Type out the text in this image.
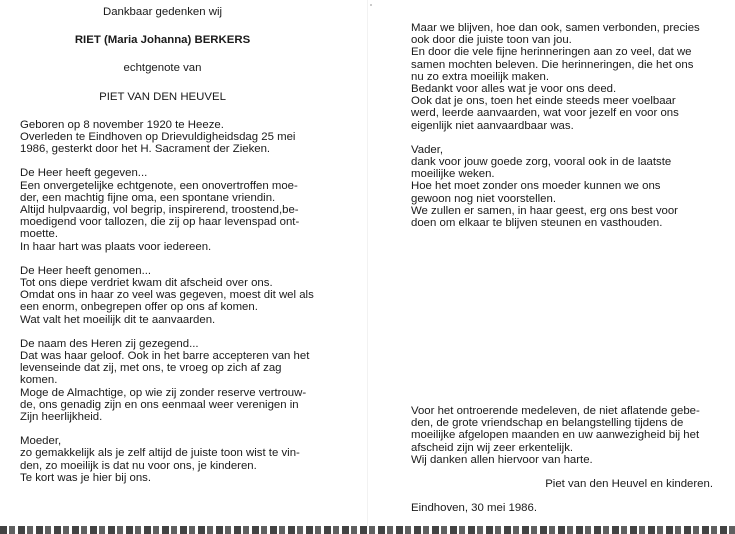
Dankbaar gedenken wij
RIET (Maria Johanna) BERKERS
echtgenote van
PIET VAN DEN HEUVEL
Geboren op 8 november 1920 te Heeze.
Overleden te Eindhoven op Drievuldigheidsdag 25 mei
1986, gesterkt door het H. Sacrament der Zieken.
De Heer heeft gegeven...
Een onvergetelijke echtgenote, een onovertroffen moe-
der, een machtig fijne oma, een spontane vriendin.
Altijd hulpvaardig, vol begrip, inspirerend, troostend,be-
moedigend voor tallozen, die zij op haar levenspad ont-
moette.
In haar hart was plaats voor iedereen.
De Heer heeft genomen...
Tot ons diepe verdriet kwam dit afscheid over ons.
Omdat ons in haar zo veel was gegeven, moest dit wel als
een enorm, onbegrepen offer op ons af komen.
Wat valt het moeilijk dit te aanvaarden.
De naam des Heren zij gezegend...
Dat was haar geloof. Ook in het barre accepteren van het
levenseinde dat zij, met ons, te vroeg op zich af zag
komen.
Moge de Almachtige, op wie zij zonder reserve vertrouw-
de, ons genadig zijn en ons eenmaal weer verenigen in
Zijn heerlijkheid.
Moeder,
zo gemakkelijk als je zelf altijd de juiste toon wist te vin-
den, zo moeilijk is dat nu voor ons, je kinderen.
Te kort was je hier bij ons.
Maar we blijven, hoe dan ook, samen verbonden, precies
ook door die juiste toon van jou.
En door die vele fijne herinneringen aan zo veel, dat we
samen mochten beleven. Die herinneringen, die het ons
nu zo extra moeilijk maken.
Bedankt voor alles wat je voor ons deed.
Ook dat je ons, toen het einde steeds meer voelbaar
werd, leerde aanvaarden, wat voor jezelf en voor ons
eigenlijk niet aanvaardbaar was.
Vader,
dank voor jouw goede zorg, vooral ook in de laatste
moeilijke weken.
Hoe het moet zonder ons moeder kunnen we ons
gewoon nog niet voorstellen.
We zullen er samen, in haar geest, erg ons best voor
doen om elkaar te blijven steunen en vasthouden.
Voor het ontroerende medeleven, de niet aflatende gebe-
den, de grote vriendschap en belangstelling tijdens de
moeilijke afgelopen maanden en uw aanwezigheid bij het
afscheid zijn wij zeer erkentelijk.
Wij danken allen hiervoor van harte.
Piet van den Heuvel en kinderen.
Eindhoven, 30 mei 1986.
